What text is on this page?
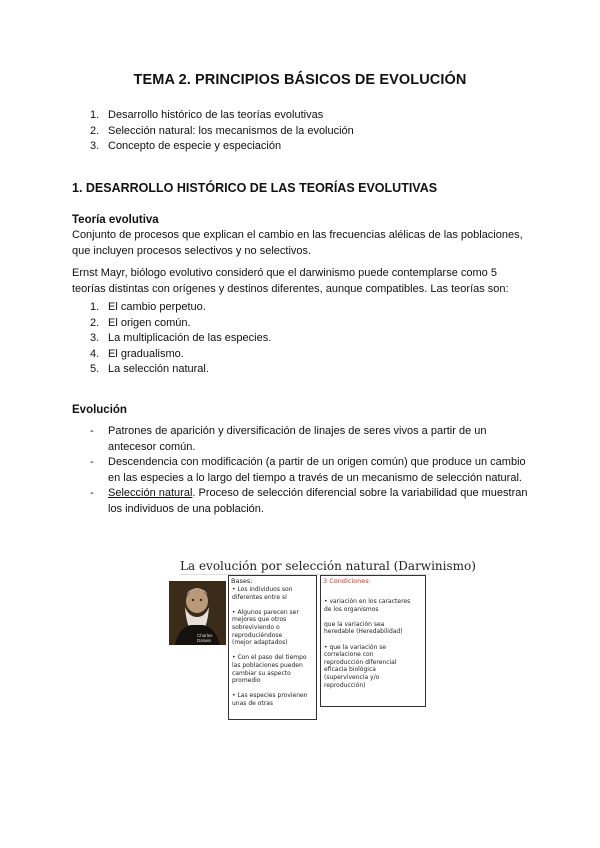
TEMA 2. PRINCIPIOS BÁSICOS DE EVOLUCIÓN
1. Desarrollo histórico de las teorías evolutivas
2. Selección natural: los mecanismos de la evolución
3. Concepto de especie y especiación
1. DESARROLLO HISTÓRICO DE LAS TEORÍAS EVOLUTIVAS
Teoría evolutiva
Conjunto de procesos que explican el cambio en las frecuencias alélicas de las poblaciones, que incluyen procesos selectivos y no selectivos.
Ernst Mayr, biólogo evolutivo consideró que el darwinismo puede contemplarse como 5 teorías distintas con orígenes y destinos diferentes, aunque compatibles. Las teorías son:
1. El cambio perpetuo.
2. El origen común.
3. La multiplicación de las especies.
4. El gradualismo.
5. La selección natural.
Evolución
-	Patrones de aparición y diversificación de linajes de seres vivos a partir de un antecesor común.
-	Descendencia con modificación (a partir de un origen común) que produce un cambio en las especies a lo largo del tiempo a través de un mecanismo de selección natural.
-	Selección natural. Proceso de selección diferencial sobre la variabilidad que muestran los individuos de una población.
La evolución por selección natural (Darwinismo)
Charles Darwin
Bases:
• Los individuos son
diferentes entre sí

• Algunos parecen ser
mejores que otros
sobreviviendo o
reproduciéndose
(mejor adaptados)

• Con el paso del tiempo
las poblaciones pueden
cambiar su aspecto
promedio

• Las especies provienen
unas de otras
3 Condiciones:
• variación en los caracteres
de los organismos

que la variación sea
heredable (Heredabilidad)

• que la variación se
correlacione con
reproducción diferencial
eficacia biológica
(supervivencia y/o
reproducción)
